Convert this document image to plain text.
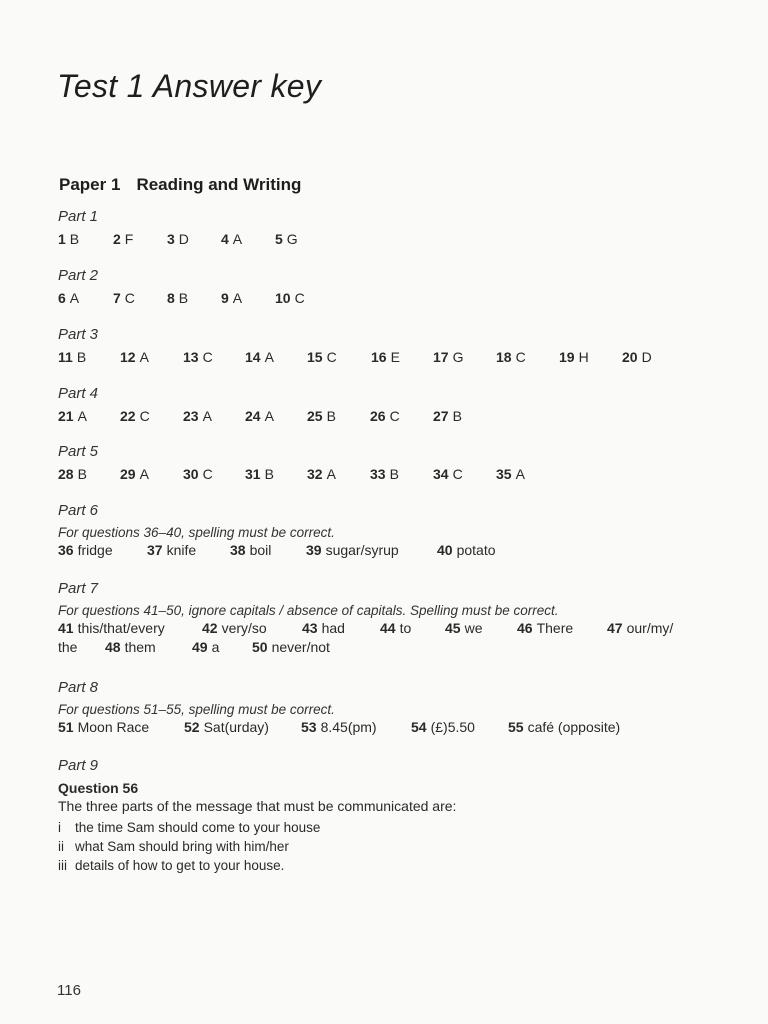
Test 1 Answer key
Paper 1 Reading and Writing
Part 1
1 B 2 F 3 D 4 A 5 G
Part 2
6 A 7 C 8 B 9 A 10 C
Part 3
11 B 12 A 13 C 14 A 15 C 16 E 17 G 18 C 19 H 20 D
Part 4
21 A 22 C 23 A 24 A 25 B 26 C 27 B
Part 5
28 B 29 A 30 C 31 B 32 A 33 B 34 C 35 A
Part 6
For questions 36–40, spelling must be correct.
36 fridge 37 knife 38 boil 39 sugar/syrup	40 potato
Part 7
For questions 41–50, ignore capitals / absence of capitals. Spelling must be correct.
41 this/that/every	42 very/so	43 had	44 to 45 we 46 There 47 our/my/
the 48 them	49 a 50 never/not
Part 8
For questions 51–55, spelling must be correct.
51 Moon Race 52 Sat(urday) 53 8.45(pm) 54 (£)5.50 55 café (opposite)
Part 9
Question 56
The three parts of the message that must be communicated are:
i the time Sam should come to your house
ii what Sam should bring with him/her
iii details of how to get to your house.
116
